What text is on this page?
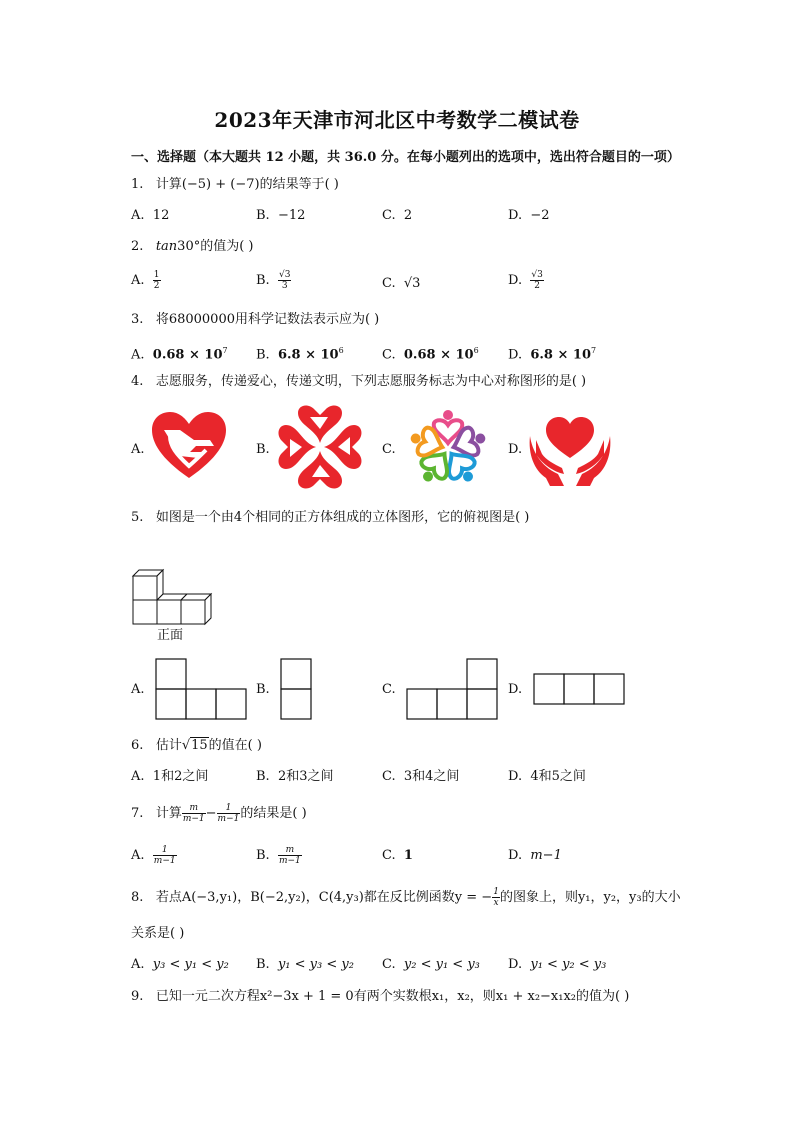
2023年天津市河北区中考数学二模试卷
一、选择题（本大题共 12 小题，共 36.0 分。在每小题列出的选项中，选出符合题目的一项）
1. 计算(−5) + (−7)的结果等于( )
A. 12	B. −12	C. 2	D. −2
2. tan30°的值为( )
A. $\frac{1}{2}$	B. $\frac{√3}{3}$	C. √3	D. $\frac{√3}{2}$
3. 将68000000用科学记数法表示应为( )
A. $0.68 \times 10^7$ B. $6.8 \times 10^6$	C. $0.68 \times 10^6$ D. $6.8 \times 10^7$
4. 志愿服务，传递爱心，传递文明，下列志愿服务标志为中心对称图形的是( )
A.	B.	C.	D.
5. 如图是一个由4个相同的正方体组成的立体图形，它的俯视图是( )
正面
A.	B.	C.	D.
6. 估计√15的值在( )
A. 1和2之间	B. 2和3之间	C. 3和4之间	D. 4和5之间
7. 计算 $\frac{m}{m-1} - \frac{1}{m-1}$ 的结果是( )
A. $\frac{1}{m-1}$	B. $\frac{m}{m-1}$	C. 1	D. m−1
8. 若点A(−3,y₁)，B(−2,y₂)，C(4,y₃)都在反比例函数y = − $\frac{1}{x}$ 的图象上，则y₁，y₂，y₃的大小
关系是( )
A. y₃ < y₁ < y₂ B. y₁ < y₃ < y₂ C. y₂ < y₁ < y₃ D. y₁ < y₂ < y₃
9. 已知一元二次方程x²−3x + 1 = 0有两个实数根x₁，x₂，则x₁ + x₂−x₁x₂的值为( )
